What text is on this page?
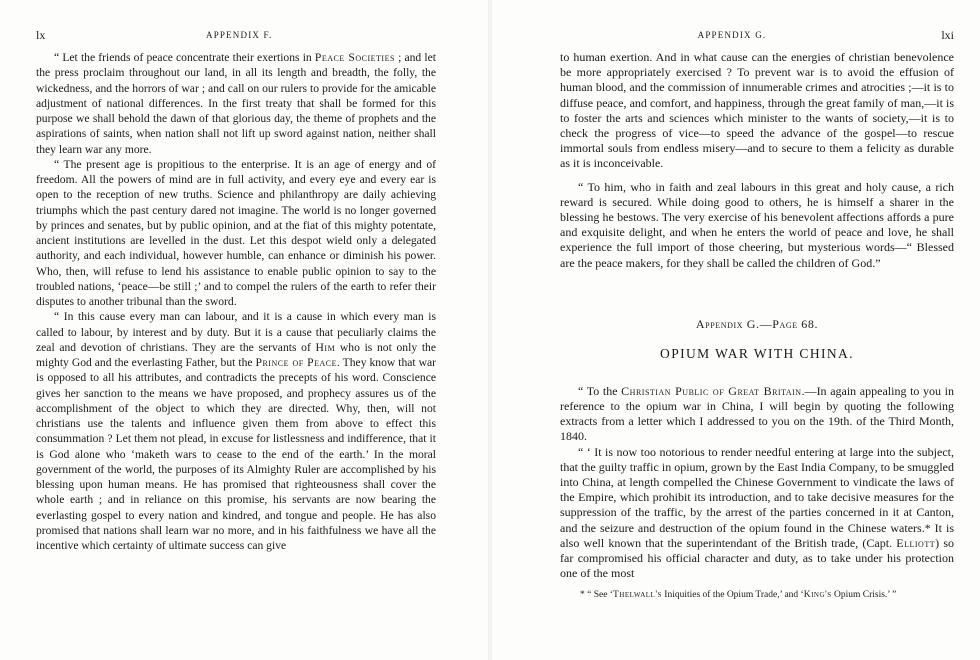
lx	APPENDIX F.

“ Let the friends of peace concentrate their exertions in Peace Societies ; and let the press proclaim throughout our land, in all its length and breadth, the folly, the wickedness, and the horrors of war ; and call on our rulers to provide for the amicable adjustment of national differences. In the first treaty that shall be formed for this purpose we shall behold the dawn of that glorious day, the theme of prophets and the aspirations of saints, when nation shall not lift up sword against nation, neither shall they learn war any more.

“ The present age is propitious to the enterprise. It is an age of energy and of freedom. All the powers of mind are in full activity, and every eye and every ear is open to the reception of new truths. Science and philanthropy are daily achieving triumphs which the past century dared not imagine. The world is no longer governed by princes and senates, but by public opinion, and at the fiat of this mighty potentate, ancient institutions are levelled in the dust. Let this despot wield only a delegated authority, and each individual, however humble, can enhance or diminish his power. Who, then, will refuse to lend his assistance to enable public opinion to say to the troubled nations, ‘peace—be still ;’ and to compel the rulers of the earth to refer their disputes to another tribunal than the sword.

“ In this cause every man can labour, and it is a cause in which every man is called to labour, by interest and by duty. But it is a cause that peculiarly claims the zeal and devotion of christians. They are the servants of Him who is not only the mighty God and the everlasting Father, but the Prince of Peace. They know that war is opposed to all his attributes, and contradicts the precepts of his word. Conscience gives her sanction to the means we have proposed, and prophecy assures us of the accomplishment of the object to which they are directed. Why, then, will not christians use the talents and influence given them from above to effect this consummation ? Let them not plead, in excuse for listlessness and indifference, that it is God alone who ‘maketh wars to cease to the end of the earth.’ In the moral government of the world, the purposes of its Almighty Ruler are accomplished by his blessing upon human means. He has promised that righteousness shall cover the whole earth ; and in reliance on this promise, his servants are now bearing the everlasting gospel to every nation and kindred, and tongue and people. He has also promised that nations shall learn war no more, and in his faithfulness we have all the incentive which certainty of ultimate success can give

APPENDIX G.	lxi

to human exertion. And in what cause can the energies of christian benevolence be more appropriately exercised ? To prevent war is to avoid the effusion of human blood, and the commission of innumerable crimes and atrocities ;—it is to diffuse peace, and comfort, and happiness, through the great family of man,—it is to foster the arts and sciences which minister to the wants of society,—it is to check the progress of vice—to speed the advance of the gospel—to rescue immortal souls from endless misery—and to secure to them a felicity as durable as it is inconceivable.

“ To him, who in faith and zeal labours in this great and holy cause, a rich reward is secured. While doing good to others, he is himself a sharer in the blessing he bestows. The very exercise of his benevolent affections affords a pure and exquisite delight, and when he enters the world of peace and love, he shall experience the full import of those cheering, but mysterious words—“ Blessed are the peace makers, for they shall be called the children of God.”

Appendix G.—Page 68.
OPIUM WAR WITH CHINA.

“ To the Christian Public of Great Britain.—In again appealing to you in reference to the opium war in China, I will begin by quoting the following extracts from a letter which I addressed to you on the 19th. of the Third Month, 1840.

“ ‘ It is now too notorious to render needful entering at large into the subject, that the guilty traffic in opium, grown by the East India Company, to be smuggled into China, at length compelled the Chinese Government to vindicate the laws of the Empire, which prohibit its introduction, and to take decisive measures for the suppression of the traffic, by the arrest of the parties concerned in it at Canton, and the seizure and destruction of the opium found in the Chinese waters.* It is also well known that the superintendant of the British trade, (Capt. Elliott) so far compromised his official character and duty, as to take under his protection one of the most

* “ See ‘Thelwall's Iniquities of the Opium Trade,’ and ‘King's Opium Crisis.’ ”
